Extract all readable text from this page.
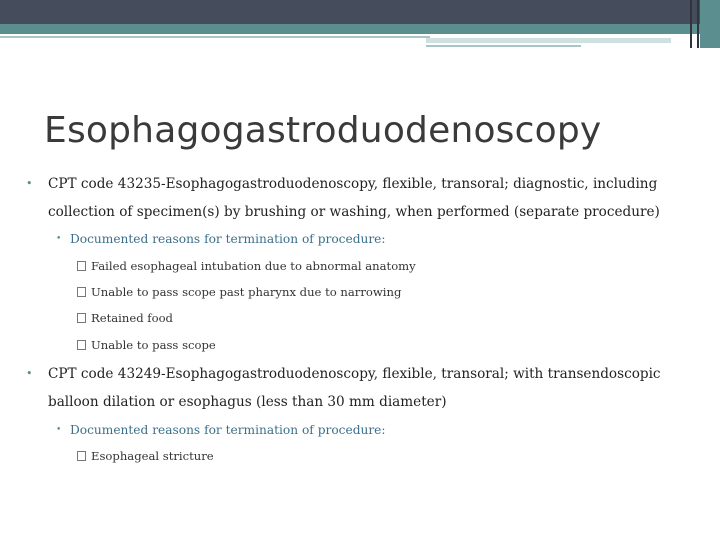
Esophagogastroduodenoscopy
• CPT code 43235-Esophagogastroduodenoscopy, flexible, transoral; diagnostic, including collection of specimen(s) by brushing or washing, when performed (separate procedure)
• Documented reasons for termination of procedure:
Failed esophageal intubation due to abnormal anatomy
Unable to pass scope past pharynx due to narrowing
Retained food
Unable to pass scope
• CPT code 43249-Esophagogastroduodenoscopy, flexible, transoral; with transendoscopic balloon dilation or esophagus (less than 30 mm diameter)
• Documented reasons for termination of procedure:
Esophageal stricture
